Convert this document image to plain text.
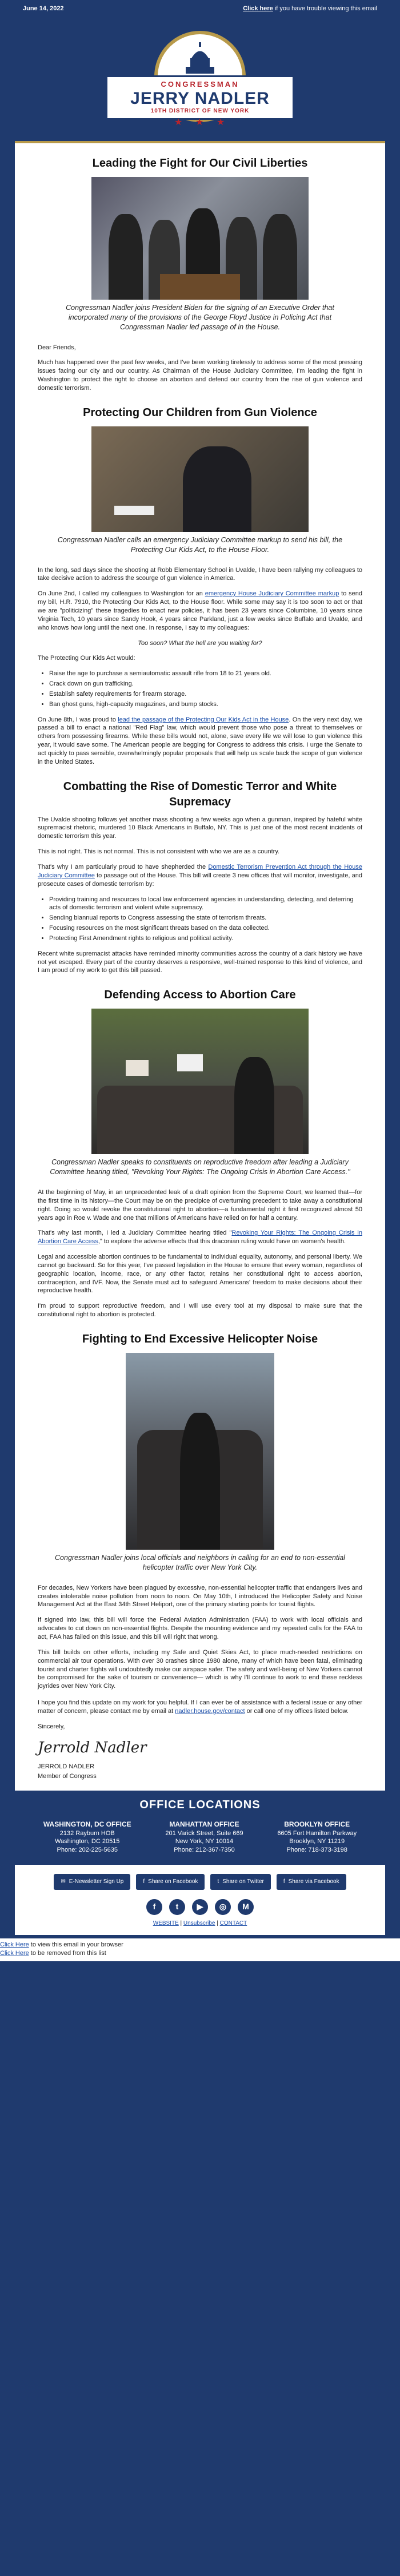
June 14, 2022	Click here if you have trouble viewing this email
CONGRESSMAN
JERRY NADLER
10TH DISTRICT OF NEW YORK
★ ★ ★
Leading the Fight for Our Civil Liberties
Congressman Nadler joins President Biden for the signing of an Executive Order that incorporated many of the provisions of the George Floyd Justice in Policing Act that Congressman Nadler led passage of in the House.

Dear Friends,

Much has happened over the past few weeks, and I've been working tirelessly to address some of the most pressing issues facing our city and our country. As Chairman of the House Judiciary Committee, I'm leading the fight in Washington to protect the right to choose an abortion and defend our country from the rise of gun violence and domestic terrorism.

Protecting Our Children from Gun Violence
Congressman Nadler calls an emergency Judiciary Committee markup to send his bill, the Protecting Our Kids Act, to the House Floor.

In the long, sad days since the shooting at Robb Elementary School in Uvalde, I have been rallying my colleagues to take decisive action to address the scourge of gun violence in America.

On June 2nd, I called my colleagues to Washington for an emergency House Judiciary Committee markup to send my bill, H.R. 7910, the Protecting Our Kids Act, to the House floor. While some may say it is too soon to act or that we are "politicizing" these tragedies to enact new policies, it has been 23 years since Columbine, 10 years since Virginia Tech, 10 years since Sandy Hook, 4 years since Parkland, just a few weeks since Buffalo and Uvalde, and who knows how long until the next one. In response, I say to my colleagues:

Too soon? What the hell are you waiting for?

The Protecting Our Kids Act would:

• Raise the age to purchase a semiautomatic assault rifle from 18 to 21 years old.
• Crack down on gun trafficking.
• Establish safety requirements for firearm storage.
• Ban ghost guns, high-capacity magazines, and bump stocks.

On June 8th, I was proud to lead the passage of the Protecting Our Kids Act in the House. On the very next day, we passed a bill to enact a national "Red Flag" law, which would prevent those who pose a threat to themselves or others from possessing firearms. While these bills would not, alone, save every life we will lose to gun violence this year, it would save some. The American people are begging for Congress to address this crisis. I urge the Senate to act quickly to pass sensible, overwhelmingly popular proposals that will help us scale back the scope of gun violence in the United States.

Combatting the Rise of Domestic Terror and White Supremacy

The Uvalde shooting follows yet another mass shooting a few weeks ago when a gunman, inspired by hateful white supremacist rhetoric, murdered 10 Black Americans in Buffalo, NY. This is just one of the most recent incidents of domestic terrorism this year.

This is not right. This is not normal. This is not consistent with who we are as a country.

That's why I am particularly proud to have shepherded the Domestic Terrorism Prevention Act through the House Judiciary Committee to passage out of the House. This bill will create 3 new offices that will monitor, investigate, and prosecute cases of domestic terrorism by:

• Providing training and resources to local law enforcement agencies in understanding, detecting, and deterring acts of domestic terrorism and violent white supremacy.
• Sending biannual reports to Congress assessing the state of terrorism threats.
• Focusing resources on the most significant threats based on the data collected.
• Protecting First Amendment rights to religious and political activity.

Recent white supremacist attacks have reminded minority communities across the country of a dark history we have not yet escaped. Every part of the country deserves a responsive, well-trained response to this kind of violence, and I am proud of my work to get this bill passed.

Defending Access to Abortion Care
Congressman Nadler speaks to constituents on reproductive freedom after leading a Judiciary Committee hearing titled, "Revoking Your Rights: The Ongoing Crisis in Abortion Care Access."

At the beginning of May, in an unprecedented leak of a draft opinion from the Supreme Court, we learned that—for the first time in its history—the Court may be on the precipice of overturning precedent to take away a constitutional right. Doing so would revoke the constitutional right to abortion—a fundamental right it first recognized almost 50 years ago in Roe v. Wade and one that millions of Americans have relied on for half a century.

That's why last month, I led a Judiciary Committee hearing titled "Revoking Your Rights: The Ongoing Crisis in Abortion Care Access," to explore the adverse effects that this draconian ruling would have on women's health.

Legal and accessible abortion continues to be fundamental to individual equality, autonomy, and personal liberty. We cannot go backward. So for this year, I've passed legislation in the House to ensure that every woman, regardless of geographic location, income, race, or any other factor, retains her constitutional right to access abortion, contraception, and IVF. Now, the Senate must act to safeguard Americans' freedom to make decisions about their reproductive health.

I'm proud to support reproductive freedom, and I will use every tool at my disposal to make sure that the constitutional right to abortion is protected.

Fighting to End Excessive Helicopter Noise
Congressman Nadler joins local officials and neighbors in calling for an end to non-essential helicopter traffic over New York City.

For decades, New Yorkers have been plagued by excessive, non-essential helicopter traffic that endangers lives and creates intolerable noise pollution from noon to noon. On May 10th, I introduced the Helicopter Safety and Noise Management Act at the East 34th Street Heliport, one of the primary starting points for tourist flights.

If signed into law, this bill will force the Federal Aviation Administration (FAA) to work with local officials and advocates to cut down on non-essential flights. Despite the mounting evidence and my repeated calls for the FAA to act, FAA has failed on this issue, and this bill will right that wrong.

This bill builds on other efforts, including my Safe and Quiet Skies Act, to place much-needed restrictions on commercial air tour operations. With over 30 crashes since 1980 alone, many of which have been fatal, eliminating tourist and charter flights will undoubtedly make our airspace safer. The safety and well-being of New Yorkers cannot be compromised for the sake of tourism or convenience— which is why I'll continue to work to end these reckless joyrides over New York City.

I hope you find this update on my work for you helpful. If I can ever be of assistance with a federal issue or any other matter of concern, please contact me by email at nadler.house.gov/contact or call one of my offices listed below.

Sincerely,

Jerrold Nadler

JERROLD NADLER

Member of Congress

OFFICE LOCATIONS
WASHINGTON, DC OFFICE
2132 Rayburn HOB
Washington, DC 20515
Phone: 202-225-5635
MANHATTAN OFFICE
201 Varick Street, Suite 669
New York, NY 10014
Phone: 212-367-7350
BROOKLYN OFFICE
6605 Fort Hamilton Parkway
Brooklyn, NY 11219
Phone: 718-373-3198
✉ E-Newsletter Sign Up	f Share on Facebook	t Share on Twitter	f Share via Facebook
f	t	▶	◎	M
WEBSITE | Unsubscribe | CONTACT
Click Here to view this email in your browser
Click Here to be removed from this list
